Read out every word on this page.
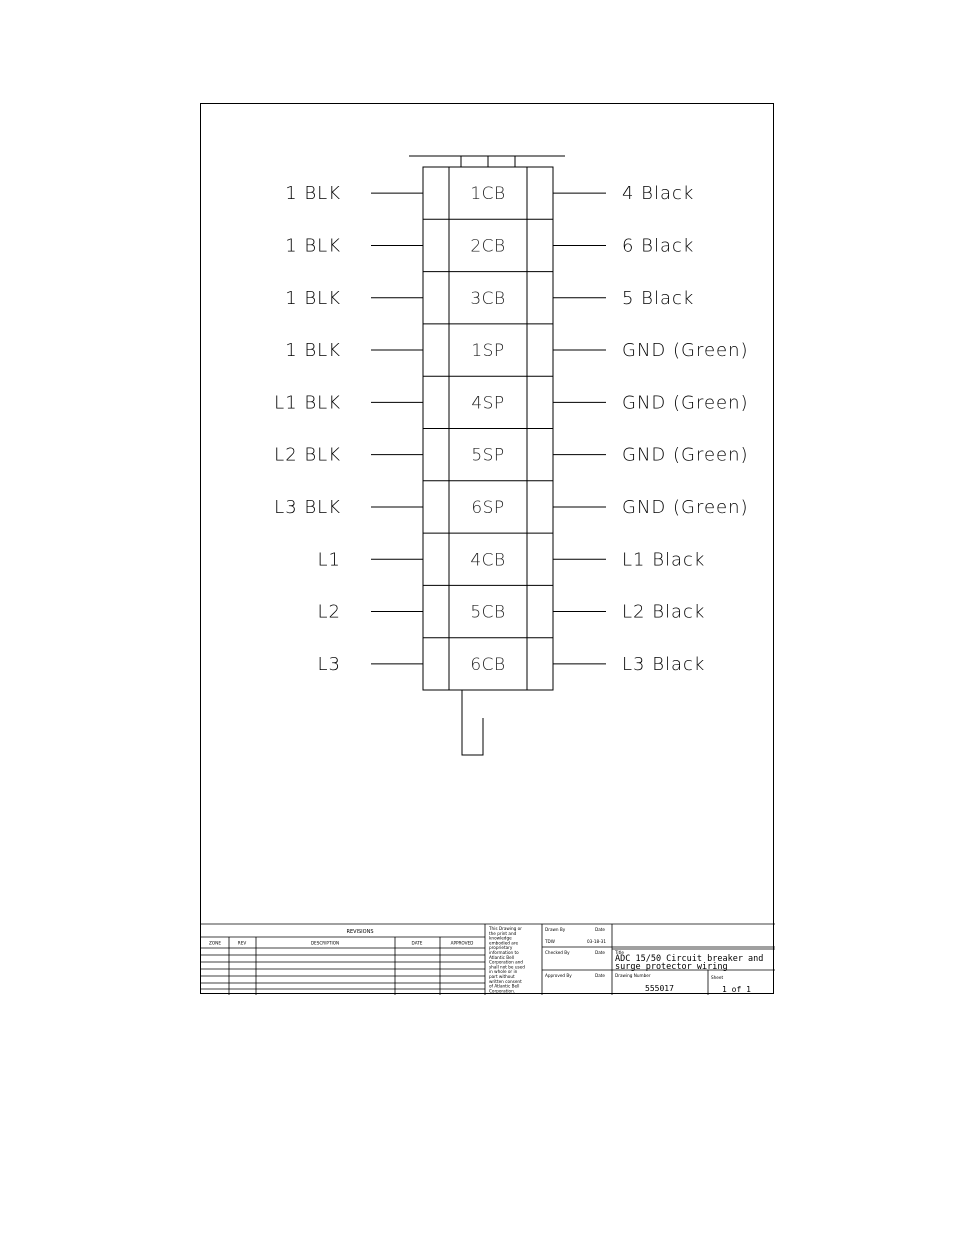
1 BLK	1CB	4 Black
1 BLK	2CB	6 Black
1 BLK	3CB	5 Black
1 BLK	1SP	GND (Green)
L1 BLK	4SP	GND (Green)
L2 BLK	5SP	GND (Green)
L3 BLK	6SP	GND (Green)
L1	4CB	L1 Black
L2	5CB	L2 Black
L3	6CB	L3 Black
REVISIONS
ZONE	REV	DESCRIPTION	DATE	APPROVED
This Drawing or
the print and
knowledge
embodied are
proprietary
information to
Atlantic Bell
Corporation and
shall not be used
in whole or in
part without
written consent
of Atlantic Bell
Corporation.
Drawn By	Date
TDW	03-18-31
Checked By	Date
Approved By	Date
Title
ADC 15/50 Circuit breaker and
surge protector wiring
Drawing Number
555017
Sheet
1 of 1
